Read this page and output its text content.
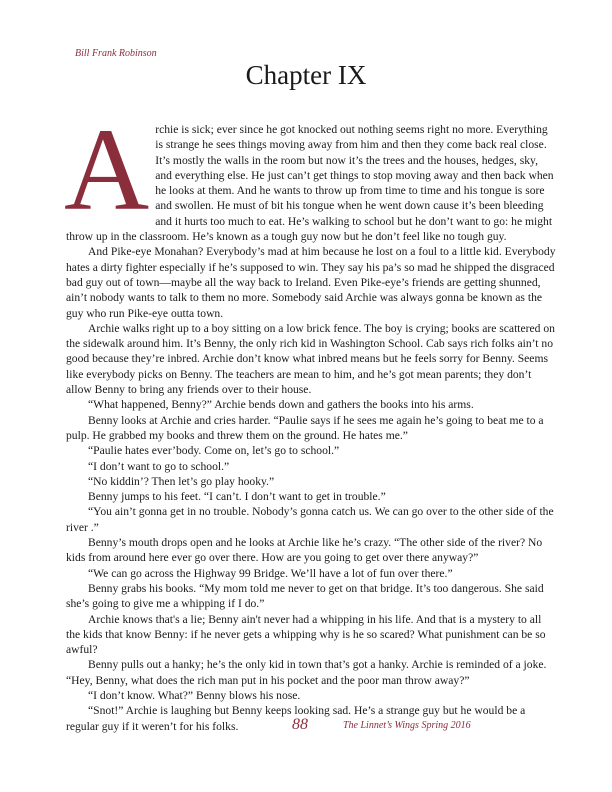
Bill Frank Robinson
Chapter IX

Archie is sick; ever since he got knocked out nothing seems right no more. Everything is strange he sees things moving away from him and then they come back real close. It’s mostly the walls in the room but now it’s the trees and the houses, hedges, sky, and everything else. He just can’t get things to stop moving away and then back when he looks at them. And he wants to throw up from time to time and his tongue is sore and swollen. He must of bit his tongue when he went down cause it’s been bleeding and it hurts too much to eat. He’s walking to school but he don’t want to go: he might throw up in the classroom. He’s known as a tough guy now but he don’t feel like no tough guy.

And Pike-eye Monahan? Everybody’s mad at him because he lost on a foul to a little kid. Everybody hates a dirty fighter especially if he’s supposed to win. They say his pa’s so mad he shipped the disgraced bad guy out of town—maybe all the way back to Ireland. Even Pike-eye’s friends are getting shunned, ain’t nobody wants to talk to them no more. Somebody said Archie was always gonna be known as the guy who run Pike-eye outta town.

Archie walks right up to a boy sitting on a low brick fence. The boy is crying; books are scattered on the sidewalk around him. It’s Benny, the only rich kid in Washington School. Cab says rich folks ain’t no good because they’re inbred. Archie don’t know what inbred means but he feels sorry for Benny. Seems like everybody picks on Benny. The teachers are mean to him, and he’s got mean parents; they don’t allow Benny to bring any friends over to their house.

“What happened, Benny?” Archie bends down and gathers the books into his arms.

Benny looks at Archie and cries harder. “Paulie says if he sees me again he’s going to beat me to a pulp. He grabbed my books and threw them on the ground. He hates me.”

“Paulie hates ever’body. Come on, let’s go to school.”

“I don’t want to go to school.”

“No kiddin’? Then let’s go play hooky.”

Benny jumps to his feet. “I can’t. I don’t want to get in trouble.”

“You ain’t gonna get in no trouble. Nobody’s gonna catch us. We can go over to the other side of the river .”

Benny’s mouth drops open and he looks at Archie like he’s crazy. “The other side of the river? No kids from around here ever go over there. How are you going to get over there anyway?”

“We can go across the Highway 99 Bridge. We’ll have a lot of fun over there.”

Benny grabs his books. “My mom told me never to get on that bridge. It’s too dangerous. She said she’s going to give me a whipping if I do.”

Archie knows that's a lie; Benny ain't never had a whipping in his life. And that is a mystery to all the kids that know Benny: if he never gets a whipping why is he so scared? What punishment can be so awful?

Benny pulls out a hanky; he’s the only kid in town that’s got a hanky. Archie is reminded of a joke. “Hey, Benny, what does the rich man put in his pocket and the poor man throw away?”

“I don’t know. What?” Benny blows his nose.

“Snot!” Archie is laughing but Benny keeps looking sad. He’s a strange guy but he would be a regular guy if it weren’t for his folks.	88	The Linnet’s Wings Spring 2016
